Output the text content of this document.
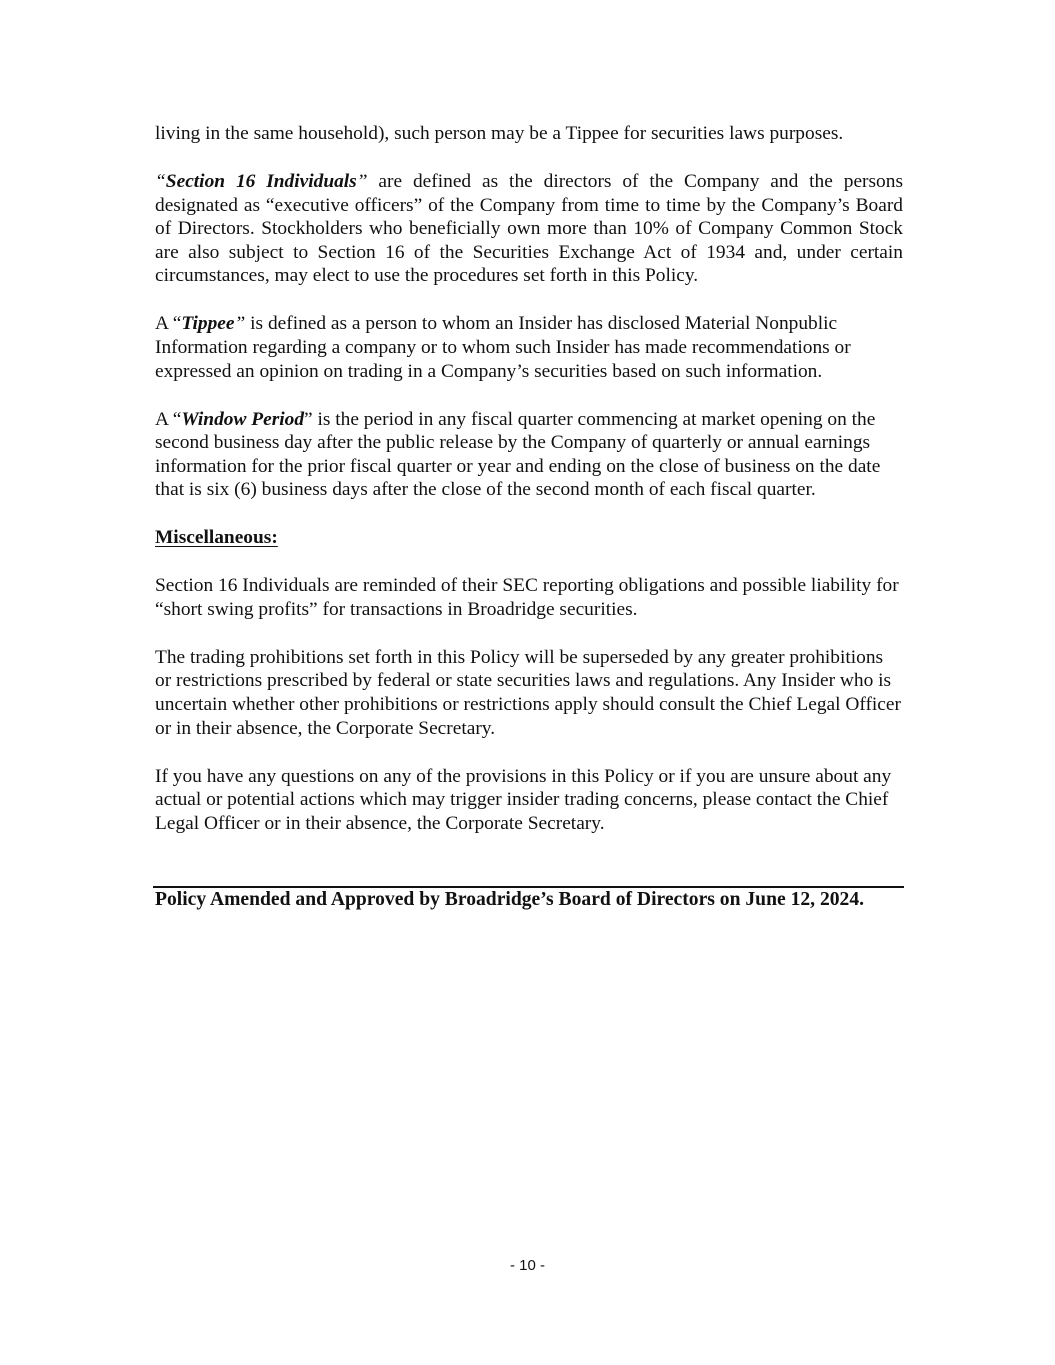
living in the same household), such person may be a Tippee for securities laws purposes.

“Section 16 Individuals” are defined as the directors of the Company and the persons designated as “executive officers” of the Company from time to time by the Company’s Board of Directors. Stockholders who beneficially own more than 10% of Company Common Stock are also subject to Section 16 of the Securities Exchange Act of 1934 and, under certain circumstances, may elect to use the procedures set forth in this Policy.

A “Tippee” is defined as a person to whom an Insider has disclosed Material Nonpublic Information regarding a company or to whom such Insider has made recommendations or expressed an opinion on trading in a Company’s securities based on such information.

A “Window Period” is the period in any fiscal quarter commencing at market opening on the second business day after the public release by the Company of quarterly or annual earnings information for the prior fiscal quarter or year and ending on the close of business on the date that is six (6) business days after the close of the second month of each fiscal quarter.

Miscellaneous:

Section 16 Individuals are reminded of their SEC reporting obligations and possible liability for “short swing profits” for transactions in Broadridge securities.

The trading prohibitions set forth in this Policy will be superseded by any greater prohibitions or restrictions prescribed by federal or state securities laws and regulations. Any Insider who is uncertain whether other prohibitions or restrictions apply should consult the Chief Legal Officer or in their absence, the Corporate Secretary.

If you have any questions on any of the provisions in this Policy or if you are unsure about any actual or potential actions which may trigger insider trading concerns, please contact the Chief Legal Officer or in their absence, the Corporate Secretary.

Policy Amended and Approved by Broadridge’s Board of Directors on June 12, 2024.
- 10 -
